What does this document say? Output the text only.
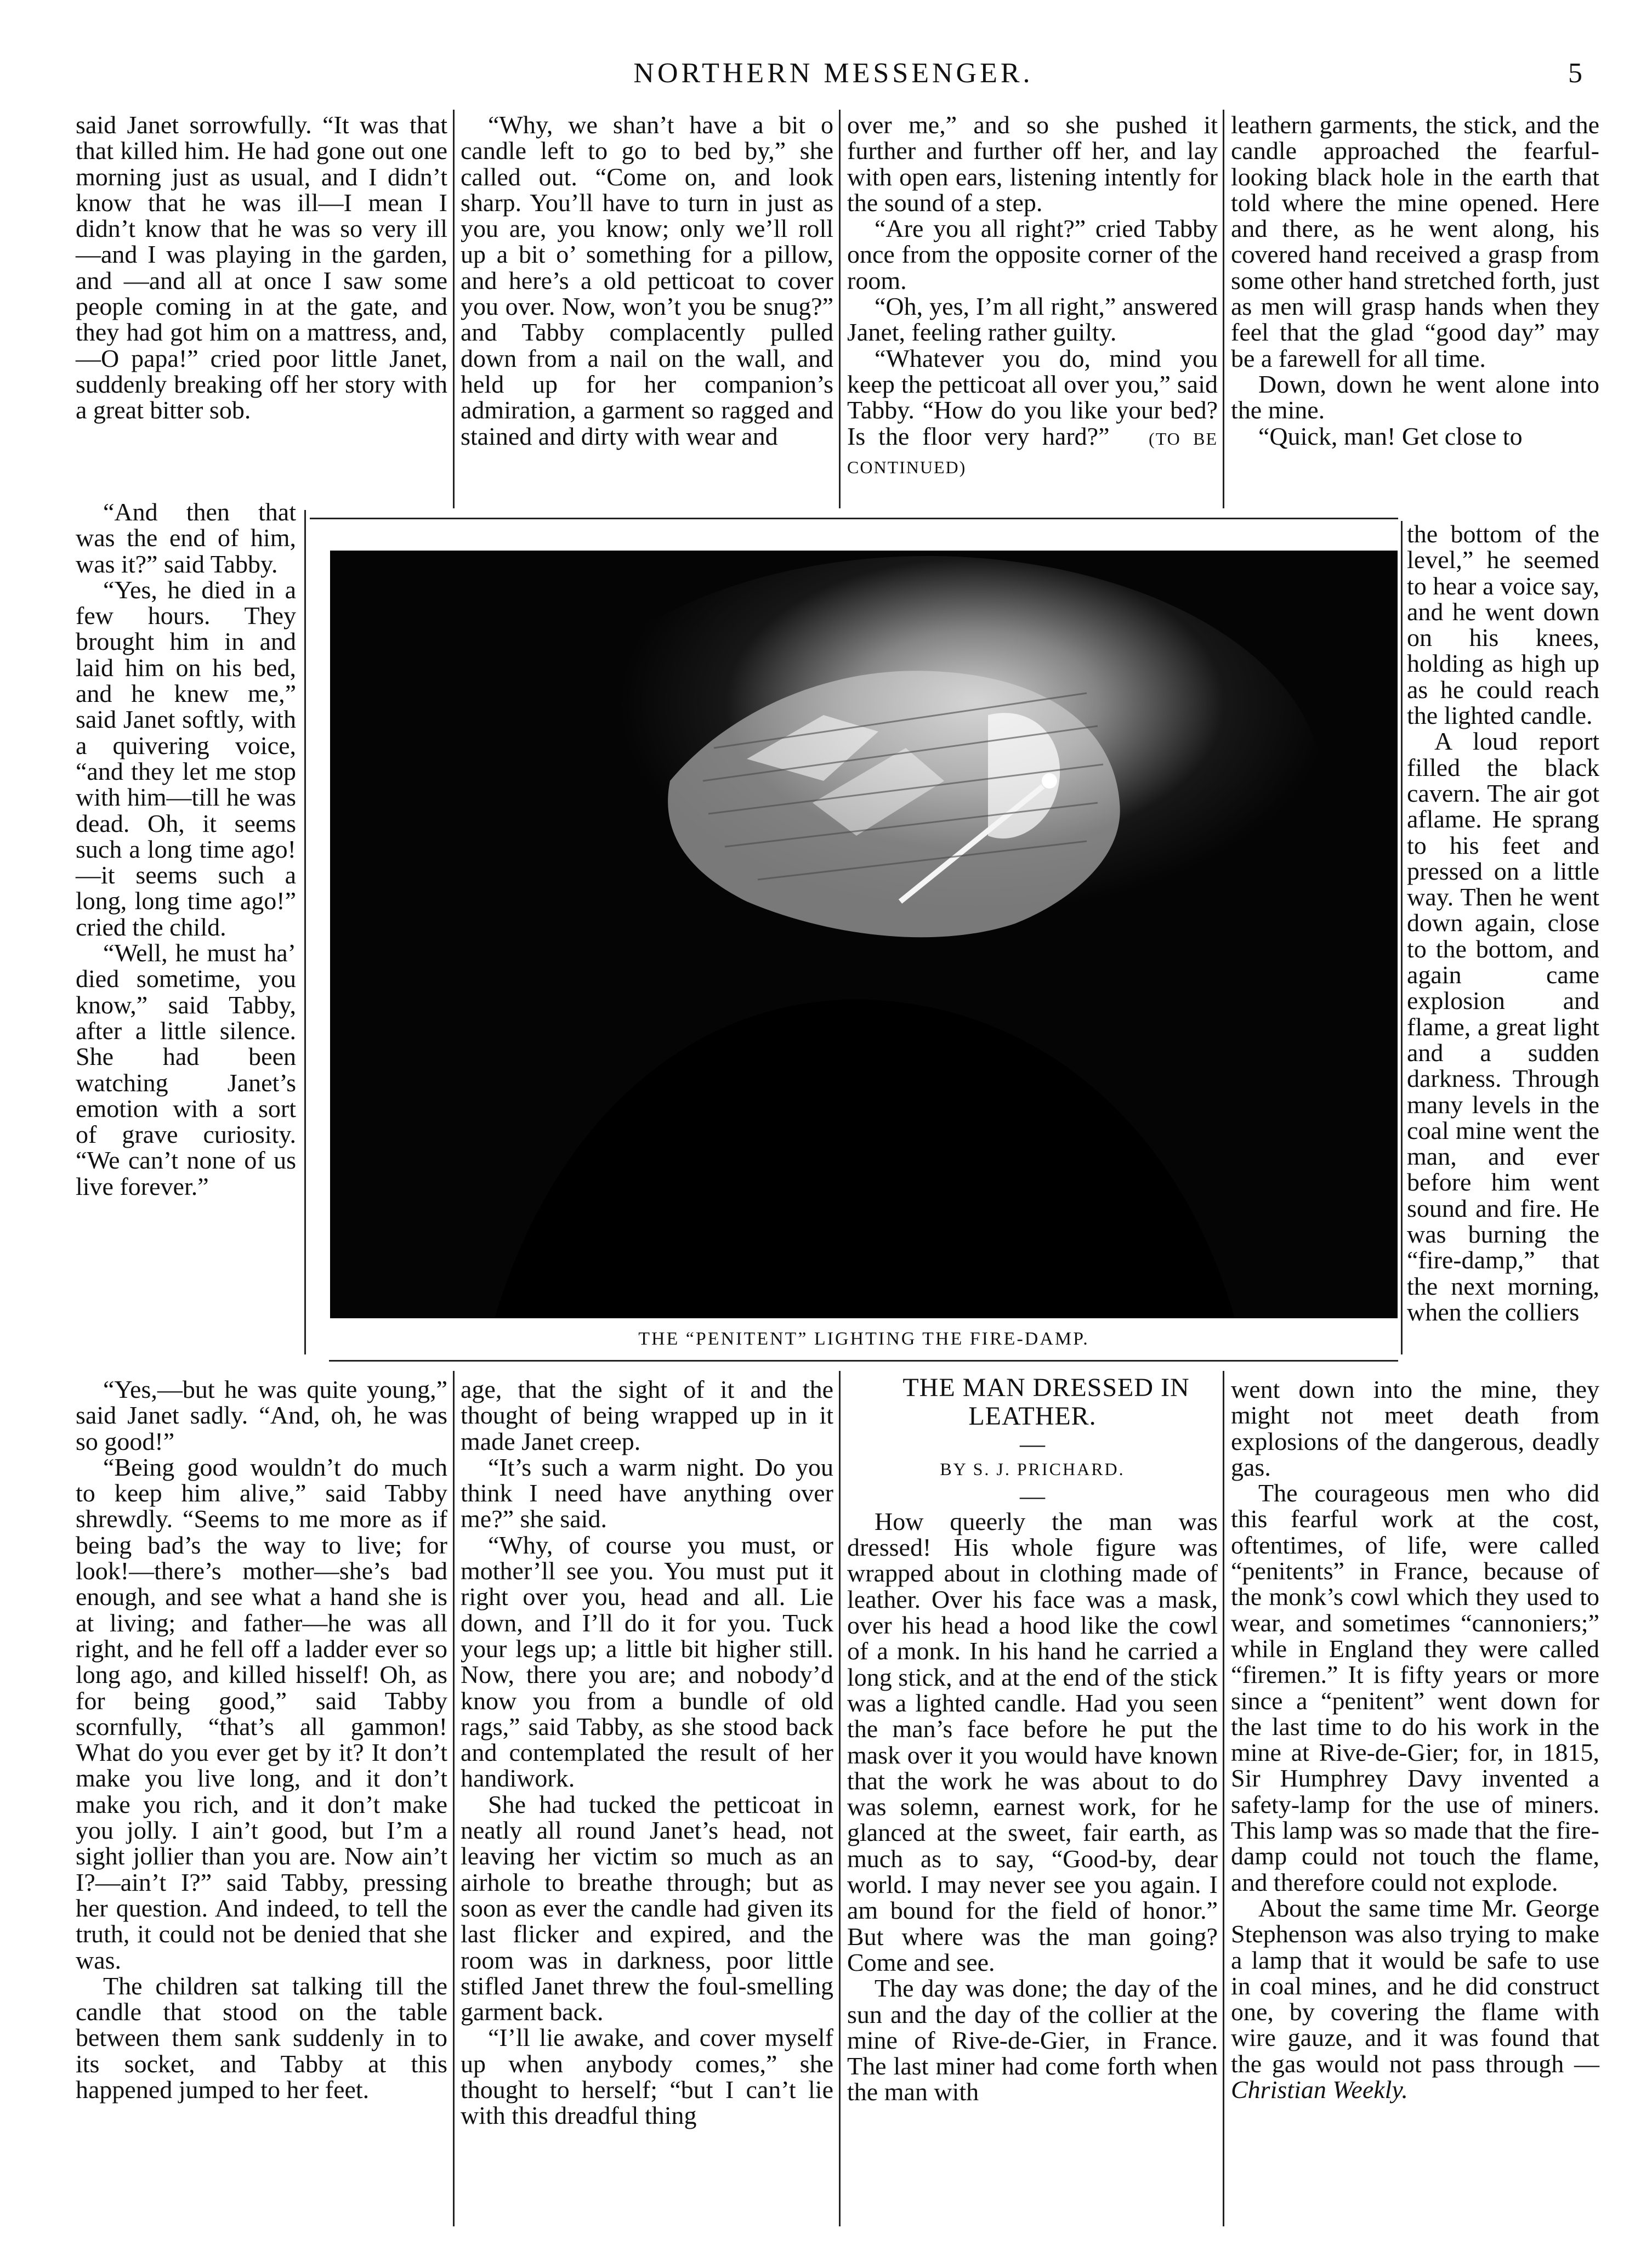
NORTHERN MESSENGER.	5

said Janet sorrowfully. “It was that that killed him. He had gone out one morning just as usual, and I didn’t know that he was ill—I mean I didn’t know that he was so very ill—and I was playing in the garden, and —and all at once I saw some people coming in at the gate, and they had got him on a mattress, and,—O papa!” cried poor little Janet, suddenly breaking off her story with a great bitter sob.

“And then that was the end of him, was it?” said Tabby.

“Yes, he died in a few hours. They brought him in and laid him on his bed, and he knew me,” said Janet softly, with a quivering voice, “and they let me stop with him—till he was dead. Oh, it seems such a long time ago!—it seems such a long, long time ago!” cried the child.

“Well, he must ha’ died sometime, you know,” said Tabby, after a little silence. She had been watching Janet’s emotion with a sort of grave curiosity. “We can’t none of us live forever.”

“Yes,—but he was quite young,” said Janet sadly. “And, oh, he was so good!”

“Being good wouldn’t do much to keep him alive,” said Tabby shrewdly. “Seems to me more as if being bad’s the way to live; for look!—there’s mother—she’s bad enough, and see what a hand she is at living; and father—he was all right, and he fell off a ladder ever so long ago, and killed hisself! Oh, as for being good,” said Tabby scornfully, “that’s all gammon! What do you ever get by it? It don’t make you live long, and it don’t make you rich, and it don’t make you jolly. I ain’t good, but I’m a sight jollier than you are. Now ain’t I?—ain’t I?” said Tabby, pressing her question. And indeed, to tell the truth, it could not be denied that she was.

The children sat talking till the candle that stood on the table between them sank suddenly in to its socket, and Tabby at this happened jumped to her feet.

“Why, we shan’t have a bit o candle left to go to bed by,” she called out. “Come on, and look sharp. You’ll have to turn in just as you are, you know; only we’ll roll up a bit o’ something for a pillow, and here’s a old petticoat to cover you over. Now, won’t you be snug?” and Tabby complacently pulled down from a nail on the wall, and held up for her companion’s admiration, a garment so ragged and stained and dirty with wear and

age, that the sight of it and the thought of being wrapped up in it made Janet creep.

“It’s such a warm night. Do you think I need have anything over me?” she said.

“Why, of course you must, or mother’ll see you. You must put it right over you, head and all. Lie down, and I’ll do it for you. Tuck your legs up; a little bit higher still. Now, there you are; and nobody’d know you from a bundle of old rags,” said Tabby, as she stood back and contemplated the result of her handiwork.

She had tucked the petticoat in neatly all round Janet’s head, not leaving her victim so much as an airhole to breathe through; but as soon as ever the candle had given its last flicker and expired, and the room was in darkness, poor little stifled Janet threw the foul-smelling garment back.

“I’ll lie awake, and cover myself up when anybody comes,” she thought to herself; “but I can’t lie with this dreadful thing

over me,” and so she pushed it further and further off her, and lay with open ears, listening intently for the sound of a step.

“Are you all right?” cried Tabby once from the opposite corner of the room.

“Oh, yes, I’m all right,” answered Janet, feeling rather guilty.

“Whatever you do, mind you keep the petticoat all over you,” said Tabby. “How do you like your bed? Is the floor very hard?” (TO BE CONTINUED)

THE MAN DRESSED IN LEATHER.

—

BY S. J. PRICHARD.

—

How queerly the man was dressed! His whole figure was wrapped about in clothing made of leather. Over his face was a mask, over his head a hood like the cowl of a monk. In his hand he carried a long stick, and at the end of the stick was a lighted candle. Had you seen the man’s face before he put the mask over it you would have known that the work he was about to do was solemn, earnest work, for he glanced at the sweet, fair earth, as much as to say, “Good-by, dear world. I may never see you again. I am bound for the field of honor.” But where was the man going? Come and see.

The day was done; the day of the sun and the day of the collier at the mine of Rive-de-Gier, in France. The last miner had come forth when the man with

leathern garments, the stick, and the candle approached the fearful-looking black hole in the earth that told where the mine opened. Here and there, as he went along, his covered hand received a grasp from some other hand stretched forth, just as men will grasp hands when they feel that the glad “good day” may be a farewell for all time.

Down, down he went alone into the mine.

“Quick, man! Get close to

the bottom of the level,” he seemed to hear a voice say, and he went down on his knees, holding as high up as he could reach the lighted candle.

A loud report filled the black cavern. The air got aflame. He sprang to his feet and pressed on a little way. Then he went down again, close to the bottom, and again came explosion and flame, a great light and a sudden darkness. Through many levels in the coal mine went the man, and ever before him went sound and fire. He was burning the “fire-damp,” that the next morning, when the colliers

went down into the mine, they might not meet death from explosions of the dangerous, deadly gas.

The courageous men who did this fearful work at the cost, oftentimes, of life, were called “penitents” in France, because of the monk’s cowl which they used to wear, and sometimes “cannoniers;” while in England they were called “firemen.” It is fifty years or more since a “penitent” went down for the last time to do his work in the mine at Rive-de-Gier; for, in 1815, Sir Humphrey Davy invented a safety-lamp for the use of miners. This lamp was so made that the fire-damp could not touch the flame, and therefore could not explode.

About the same time Mr. George Stephenson was also trying to make a lamp that it would be safe to use in coal mines, and he did construct one, by covering the flame with wire gauze, and it was found that the gas would not pass through —Christian Weekly.

THE “PENITENT” LIGHTING THE FIRE-DAMP.
